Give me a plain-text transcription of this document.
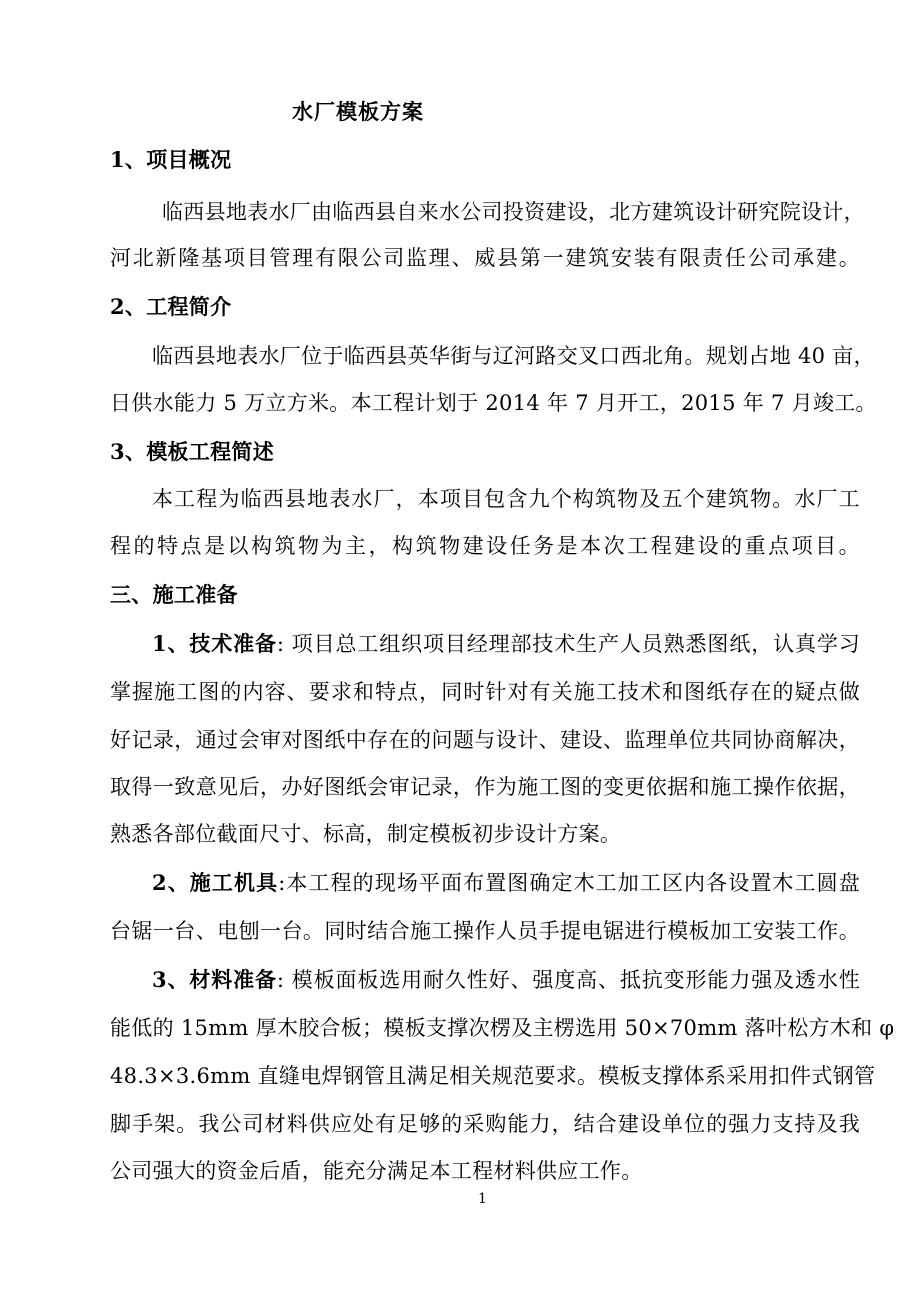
水厂模板方案
1、项目概况
临西县地表水厂由临西县自来水公司投资建设，北方建筑设计研究院设计，
河北新隆基项目管理有限公司监理、威县第一建筑安装有限责任公司承建。
2、工程简介
临西县地表水厂位于临西县英华街与辽河路交叉口西北角。规划占地 40 亩，
日供水能力 5 万立方米。本工程计划于 2014 年 7 月开工，2015 年 7 月竣工。
3、模板工程简述
本工程为临西县地表水厂，本项目包含九个构筑物及五个建筑物。水厂工
程的特点是以构筑物为主，构筑物建设任务是本次工程建设的重点项目。
三、施工准备
1、技术准备: 项目总工组织项目经理部技术生产人员熟悉图纸，认真学习
掌握施工图的内容、要求和特点，同时针对有关施工技术和图纸存在的疑点做
好记录，通过会审对图纸中存在的问题与设计、建设、监理单位共同协商解决，
取得一致意见后，办好图纸会审记录，作为施工图的变更依据和施工操作依据，
熟悉各部位截面尺寸、标高，制定模板初步设计方案。
2、施工机具:本工程的现场平面布置图确定木工加工区内各设置木工圆盘
台锯一台、电刨一台。同时结合施工操作人员手提电锯进行模板加工安装工作。
3、材料准备: 模板面板选用耐久性好、强度高、抵抗变形能力强及透水性
能低的 15mm 厚木胶合板；模板支撑次楞及主楞选用 50×70mm 落叶松方木和 φ
48.3×3.6mm 直缝电焊钢管且满足相关规范要求。模板支撑体系采用扣件式钢管
脚手架。我公司材料供应处有足够的采购能力，结合建设单位的强力支持及我
公司强大的资金后盾，能充分满足本工程材料供应工作。
1
